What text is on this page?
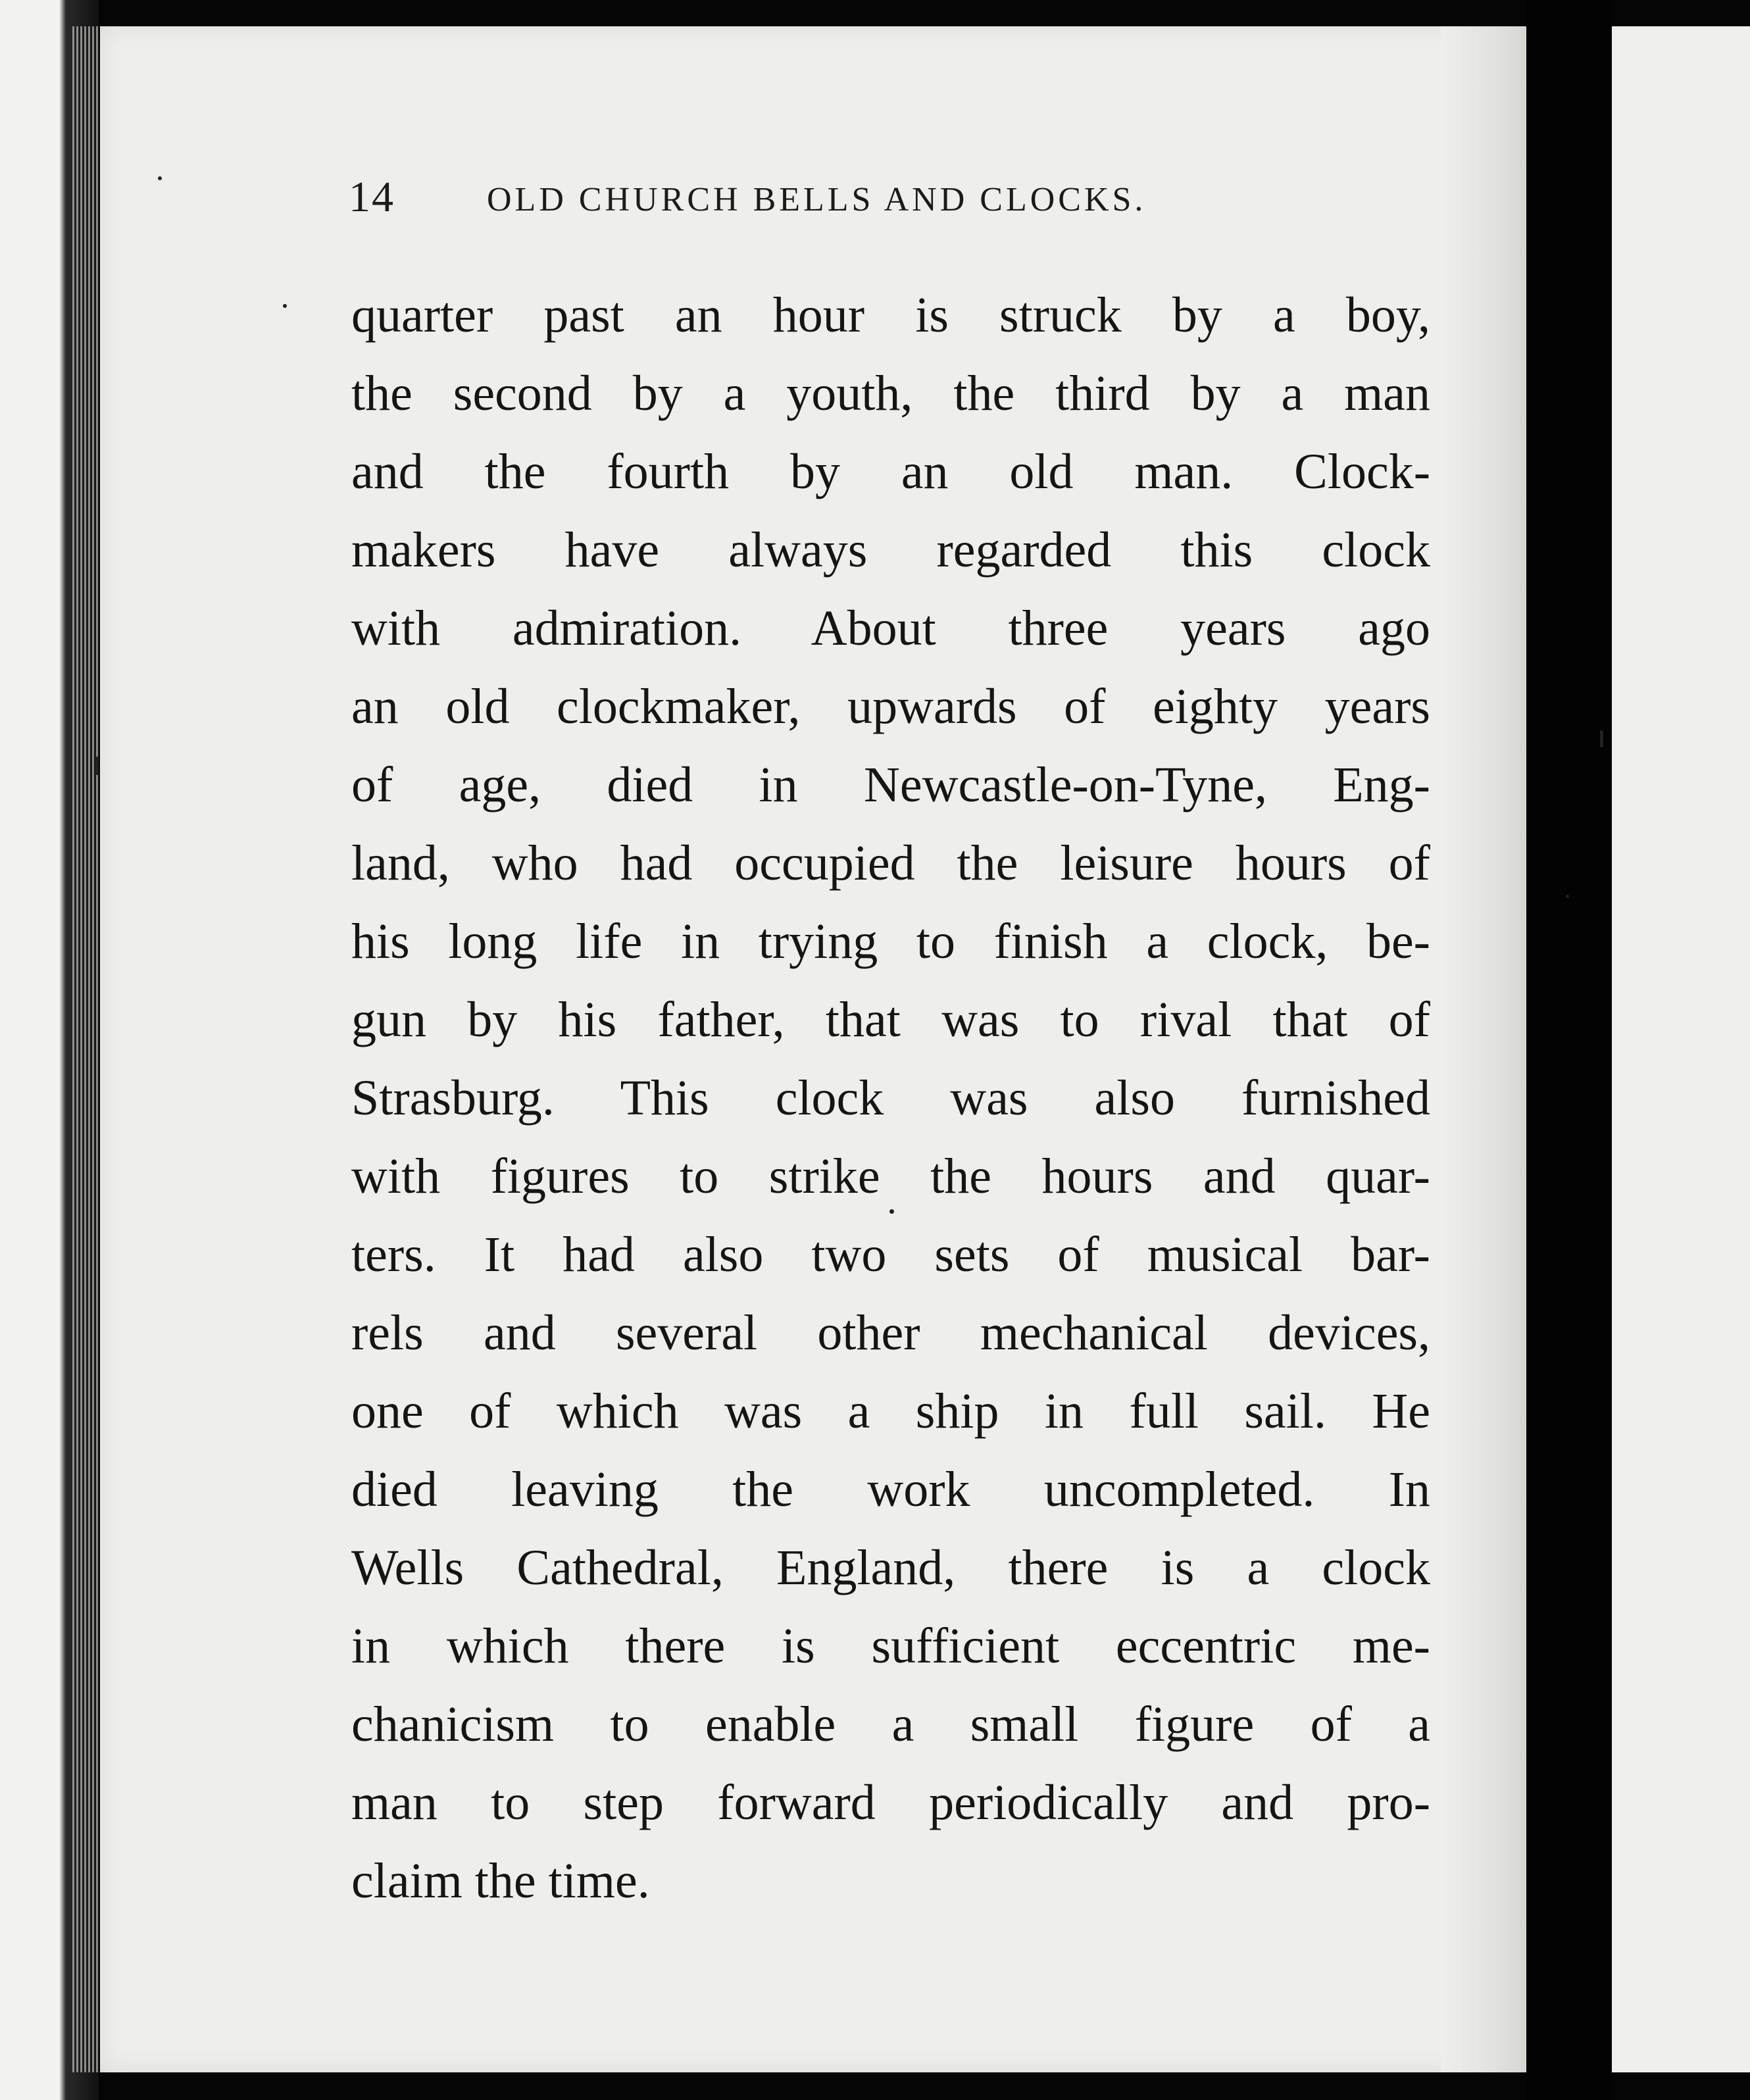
14	OLD CHURCH BELLS AND CLOCKS.
quarter past an hour is struck by a boy,
the second by a youth, the third by a man
and the fourth by an old man. Clock-
makers have always regarded this clock
with admiration. About three years ago
an old clockmaker, upwards of eighty years
of age, died in Newcastle-on-Tyne, Eng-
land, who had occupied the leisure hours of
his long life in trying to finish a clock, be-
gun by his father, that was to rival that of
Strasburg. This clock was also furnished
with figures to strike the hours and quar-
ters. It had also two sets of musical bar-
rels and several other mechanical devices,
one of which was a ship in full sail. He
died leaving the work uncompleted. In
Wells Cathedral, England, there is a clock
in which there is sufficient eccentric me-
chanicism to enable a small figure of a
man to step forward periodically and pro-
claim the time.
